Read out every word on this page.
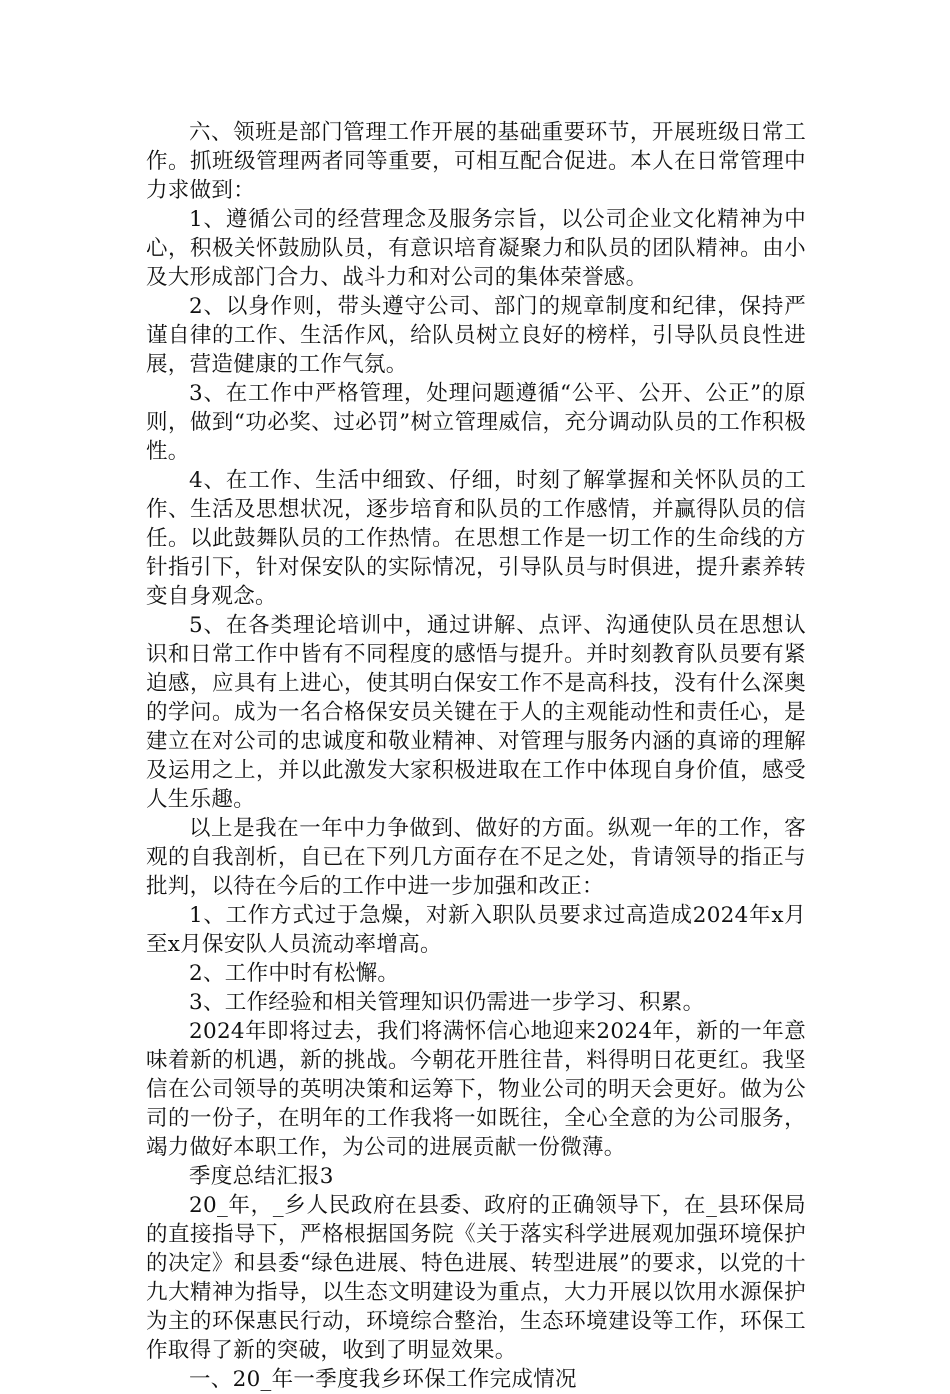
六、领班是部门管理工作开展的基础重要环节，开展班级日常工作。抓班级管理两者同等重要，可相互配合促进。本人在日常管理中力求做到：

1、遵循公司的经营理念及服务宗旨，以公司企业文化精神为中心，积极关怀鼓励队员，有意识培育凝聚力和队员的团队精神。由小及大形成部门合力、战斗力和对公司的集体荣誉感。

2、以身作则，带头遵守公司、部门的规章制度和纪律，保持严谨自律的工作、生活作风，给队员树立良好的榜样，引导队员良性进展，营造健康的工作气氛。

3、在工作中严格管理，处理问题遵循“公平、公开、公正”的原则，做到“功必奖、过必罚”树立管理威信，充分调动队员的工作积极性。

4、在工作、生活中细致、仔细，时刻了解掌握和关怀队员的工作、生活及思想状况，逐步培育和队员的工作感情，并赢得队员的信任。以此鼓舞队员的工作热情。在思想工作是一切工作的生命线的方针指引下，针对保安队的实际情况，引导队员与时俱进，提升素养转变自身观念。

5、在各类理论培训中，通过讲解、点评、沟通使队员在思想认识和日常工作中皆有不同程度的感悟与提升。并时刻教育队员要有紧迫感，应具有上进心，使其明白保安工作不是高科技，没有什么深奥的学问。成为一名合格保安员关键在于人的主观能动性和责任心，是建立在对公司的忠诚度和敬业精神、对管理与服务内涵的真谛的理解及运用之上，并以此激发大家积极进取在工作中体现自身价值，感受人生乐趣。

以上是我在一年中力争做到、做好的方面。纵观一年的工作，客观的自我剖析，自已在下列几方面存在不足之处，肯请领导的指正与批判，以待在今后的工作中进一步加强和改正：

1、工作方式过于急燥，对新入职队员要求过高造成2024年x月至x月保安队人员流动率增高。

2、工作中时有松懈。

3、工作经验和相关管理知识仍需进一步学习、积累。

2024年即将过去，我们将满怀信心地迎来2024年，新的一年意味着新的机遇，新的挑战。今朝花开胜往昔，料得明日花更红。我坚信在公司领导的英明决策和运筹下，物业公司的明天会更好。做为公司的一份子，在明年的工作我将一如既往，全心全意的为公司服务，竭力做好本职工作，为公司的进展贡献一份微薄。

季度总结汇报3

20_年，_乡人民政府在县委、政府的正确领导下，在_县环保局的直接指导下，严格根据国务院《关于落实科学进展观加强环境保护的决定》和县委“绿色进展、特色进展、转型进展”的要求，以党的十九大精神为指导，以生态文明建设为重点，大力开展以饮用水源保护为主的环保惠民行动，环境综合整治，生态环境建设等工作，环保工作取得了新的突破，收到了明显效果。

一、20_年一季度我乡环保工作完成情况
